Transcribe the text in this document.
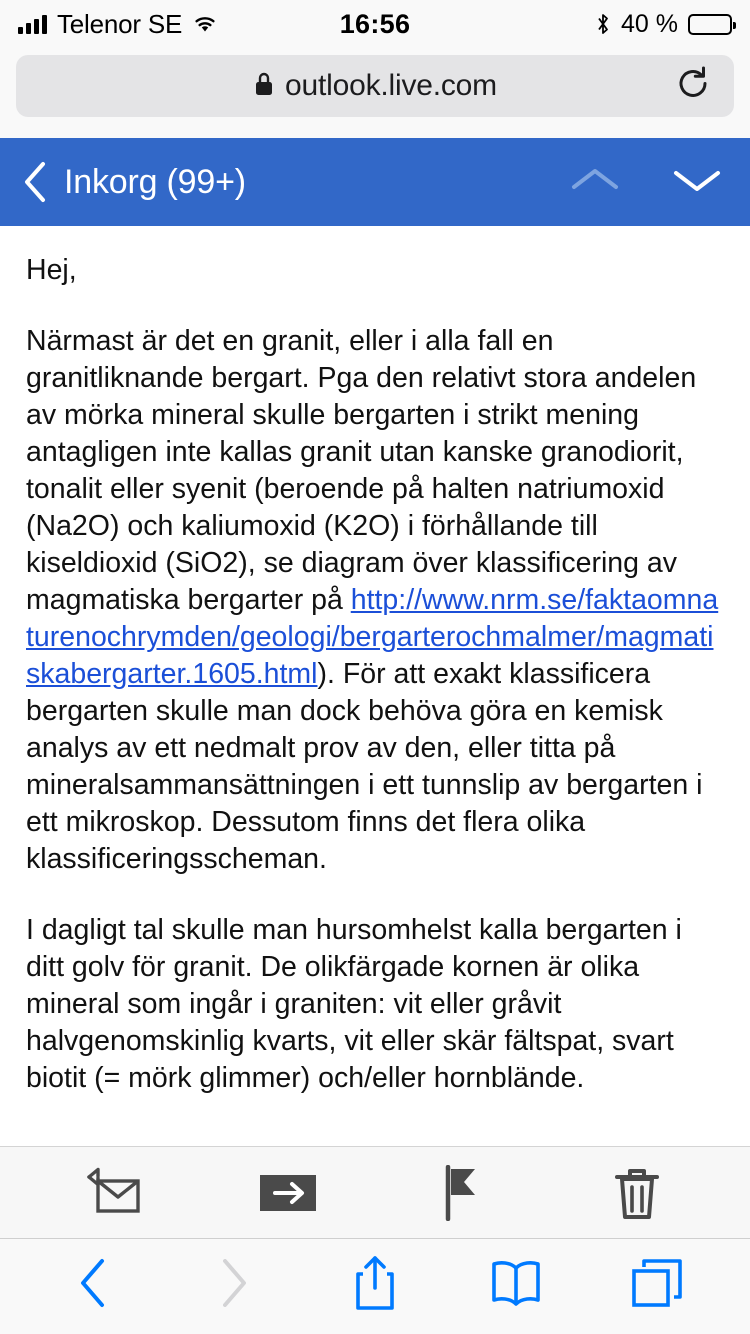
Telenor SE	16:56	40 %
outlook.live.com
Inkorg (99+)

Hej,

Närmast är det en granit, eller i alla fall en granitliknande bergart. Pga den relativt stora andelen av mörka mineral skulle bergarten i strikt mening antagligen inte kallas granit utan kanske granodiorit, tonalit eller syenit (beroende på halten natriumoxid (Na2O) och kaliumoxid (K2O) i förhållande till kiseldioxid (SiO2), se diagram över klassificering av magmatiska bergarter på http://www.nrm.se/faktaomnaturenochrymden/geologi/bergarterochmalmer/magmatiskabergarter.1605.html). För att exakt klassificera bergarten skulle man dock behöva göra en kemisk analys av ett nedmalt prov av den, eller titta på mineralsammansättningen i ett tunnslip av bergarten i ett mikroskop. Dessutom finns det flera olika klassificeringsscheman.

I dagligt tal skulle man hursomhelst kalla bergarten i ditt golv för granit. De olikfärgade kornen är olika mineral som ingår i graniten: vit eller gråvit halvgenomskinlig kvarts, vit eller skär fältspat, svart biotit (= mörk glimmer) och/eller hornblände.
